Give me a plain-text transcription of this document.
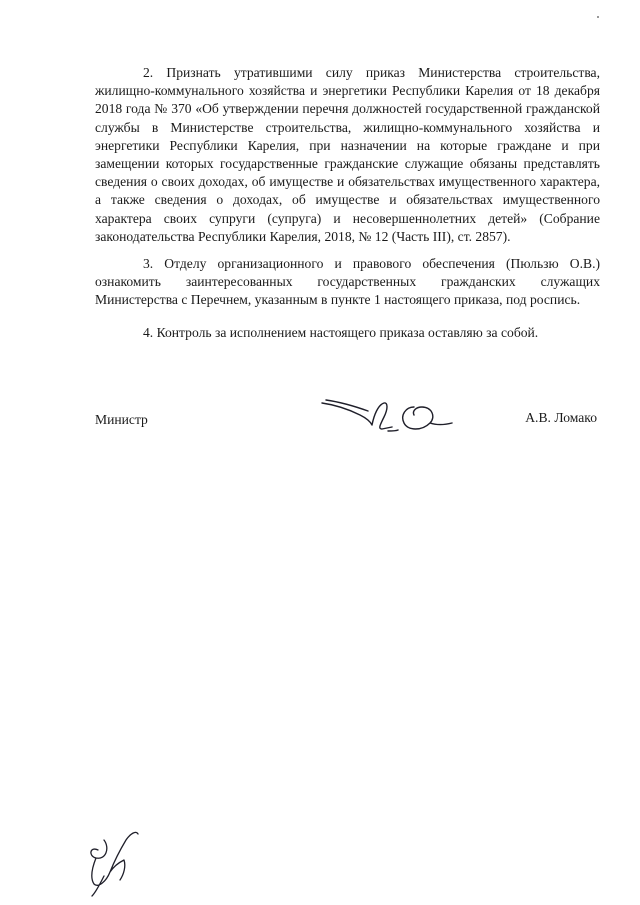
2. Признать утратившими силу приказ Министерства строительства, жилищно-коммунального хозяйства и энергетики Республики Карелия от 18 декабря 2018 года № 370 «Об утверждении перечня должностей государственной гражданской службы в Министерстве строительства, жилищно-коммунального хозяйства и энергетики Республики Карелия, при назначении на которые граждане и при замещении которых государственные гражданские служащие обязаны представлять сведения о своих доходах, об имуществе и обязательствах имущественного характера, а также сведения о доходах, об имуществе и обязательствах имущественного характера своих супруги (супруга) и несовершеннолетних детей» (Собрание законодательства Республики Карелия, 2018, № 12 (Часть III), ст. 2857).

3. Отделу организационного и правового обеспечения (Пюльзю О.В.) ознакомить заинтересованных государственных гражданских служащих Министерства с Перечнем, указанным в пункте 1 настоящего приказа, под роспись.

4. Контроль за исполнением настоящего приказа оставляю за собой.

Министр	А.В. Ломако
